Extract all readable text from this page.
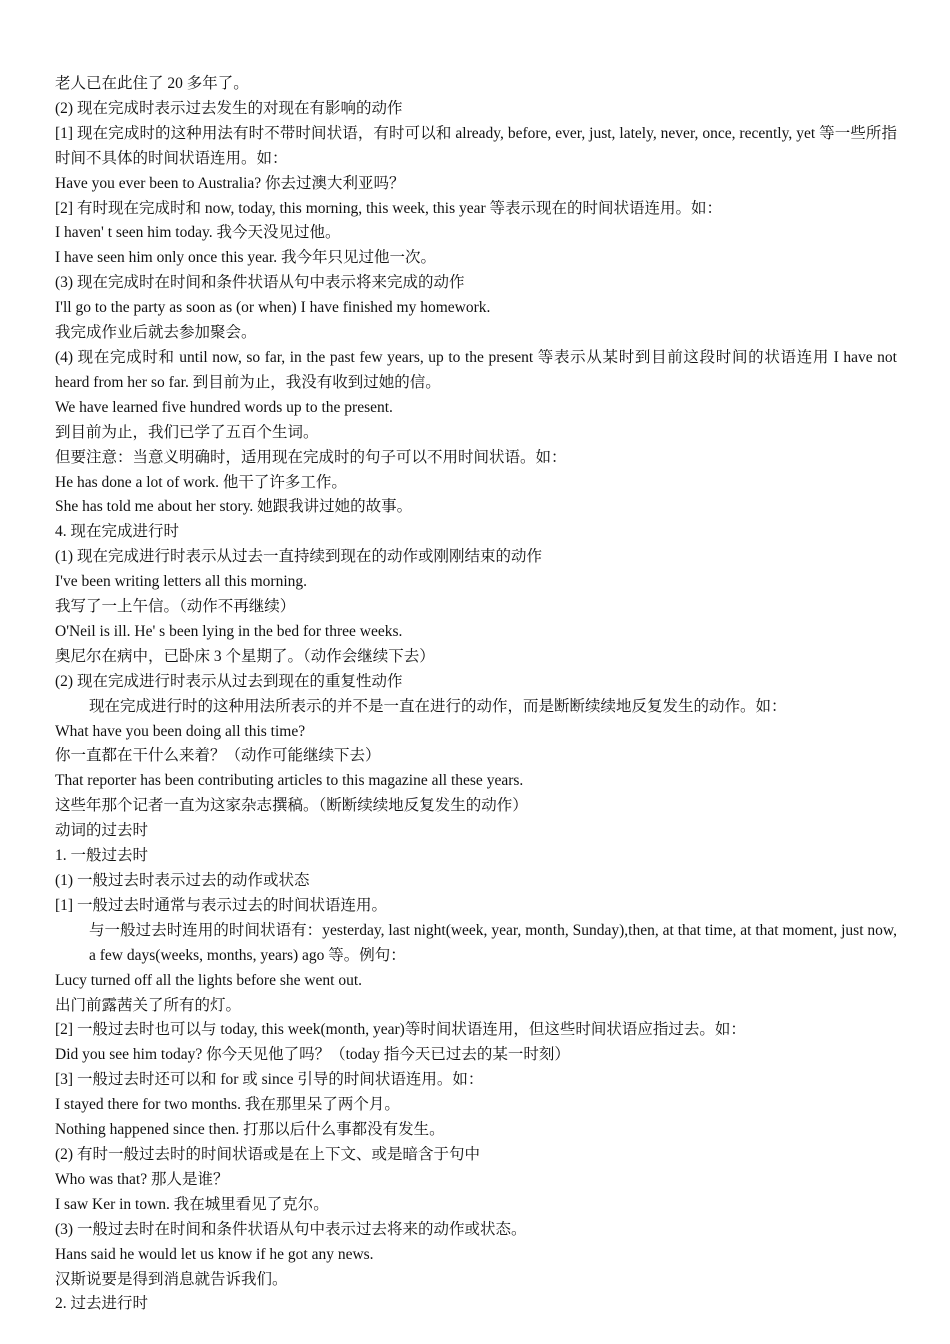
老人已在此住了 20 多年了。
(2) 现在完成时表示过去发生的对现在有影响的动作
[1] 现在完成时的这种用法有时不带时间状语，有时可以和 already, before, ever, just, lately, never, once, recently, yet 等一些所指时间不具体的时间状语连用。如：
Have you ever been to Australia? 你去过澳大利亚吗？
[2] 有时现在完成时和 now, today, this morning, this week, this year 等表示现在的时间状语连用。如：
I haven' t seen him today. 我今天没见过他。
I have seen him only once this year. 我今年只见过他一次。
(3) 现在完成时在时间和条件状语从句中表示将来完成的动作
I'll go to the party as soon as (or when) I have finished my homework.
我完成作业后就去参加聚会。
(4) 现在完成时和 until now, so far, in the past few years, up to the present 等表示从某时到目前这段时间的状语连用 I have not heard from her so far. 到目前为止，我没有收到过她的信。
We have learned five hundred words up to the present.
到目前为止，我们已学了五百个生词。
但要注意：当意义明确时，适用现在完成时的句子可以不用时间状语。如：
He has done a lot of work. 他干了许多工作。
She has told me about her story. 她跟我讲过她的故事。
4. 现在完成进行时
(1) 现在完成进行时表示从过去一直持续到现在的动作或刚刚结束的动作
I've been writing letters all this morning.
我写了一上午信。（动作不再继续）
O'Neil is ill. He' s been lying in the bed for three weeks.
奥尼尔在病中，已卧床 3 个星期了。（动作会继续下去）
(2) 现在完成进行时表示从过去到现在的重复性动作
现在完成进行时的这种用法所表示的并不是一直在进行的动作，而是断断续续地反复发生的动作。如：
What have you been doing all this time?
你一直都在干什么来着？（动作可能继续下去）
That reporter has been contributing articles to this magazine all these years.
这些年那个记者一直为这家杂志撰稿。（断断续续地反复发生的动作）
动词的过去时
1. 一般过去时
(1) 一般过去时表示过去的动作或状态
[1] 一般过去时通常与表示过去的时间状语连用。
与一般过去时连用的时间状语有：yesterday, last night(week, year, month, Sunday),then, at that time, at that moment, just now, a few days(weeks, months, years) ago 等。例句：
Lucy turned off all the lights before she went out.
出门前露茜关了所有的灯。
[2] 一般过去时也可以与 today, this week(month, year)等时间状语连用，但这些时间状语应指过去。如：
Did you see him today? 你今天见他了吗？（today 指今天已过去的某一时刻）
[3] 一般过去时还可以和 for 或 since 引导的时间状语连用。如：
I stayed there for two months. 我在那里呆了两个月。
Nothing happened since then. 打那以后什么事都没有发生。
(2) 有时一般过去时的时间状语或是在上下文、或是暗含于句中
Who was that? 那人是谁？
I saw Ker in town. 我在城里看见了克尔。
(3) 一般过去时在时间和条件状语从句中表示过去将来的动作或状态。
Hans said he would let us know if he got any news.
汉斯说要是得到消息就告诉我们。
2. 过去进行时
